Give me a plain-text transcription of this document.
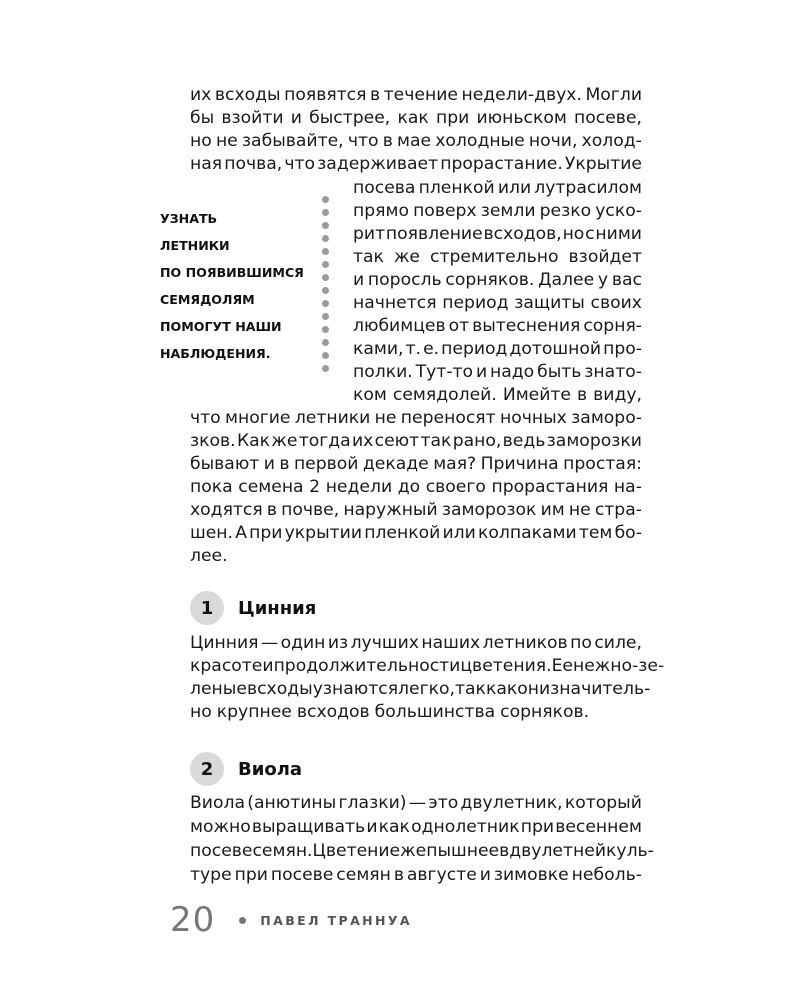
их всходы появятся в течение недели-двух. Могли

бы взойти и быстрее, как при июньском посеве,

но не забывайте, что в мае холодные ночи, холод-

ная почва, что задерживает прорастание. Укрытие

посева пленкой или лутрасилом

прямо поверх земли резко уско-

рит появление всходов, но с ними

так же стремительно взойдет

и поросль сорняков. Далее у вас

начнется период защиты своих

любимцев от вытеснения сорня-

ками, т. е. период дотошной про-

полки. Тут-то и надо быть знато-

ком семядолей. Имейте в виду,

что многие летники не переносят ночных заморо-

зков. Как же тогда их сеют так рано, ведь заморозки

бывают и в первой декаде мая? Причина простая:

пока семена 2 недели до своего прорастания на-

ходятся в почве, наружный заморозок им не стра-

шен. А при укрытии пленкой или колпаками тем бо-

лее.

УЗНАТЬ
ЛЕТНИКИ
ПО ПОЯВИВШИМСЯ
СЕМЯДОЛЯМ
ПОМОГУТ НАШИ
НАБЛЮДЕНИЯ.
1	Цинния

Цинния — один из лучших наших летников по силе,

красоте и продолжительности цветения. Ее нежно-зе-

леные всходы узнаются легко, так как они значитель-

но крупнее всходов большинства сорняков.

2	Виола

Виола (анютины глазки) — это двулетник, который

можно выращивать и как однолетник при весеннем

посеве семян. Цветение же пышнее в двулетней куль-

туре при посеве семян в августе и зимовке неболь-

20	ПАВЕЛ ТРАННУА
